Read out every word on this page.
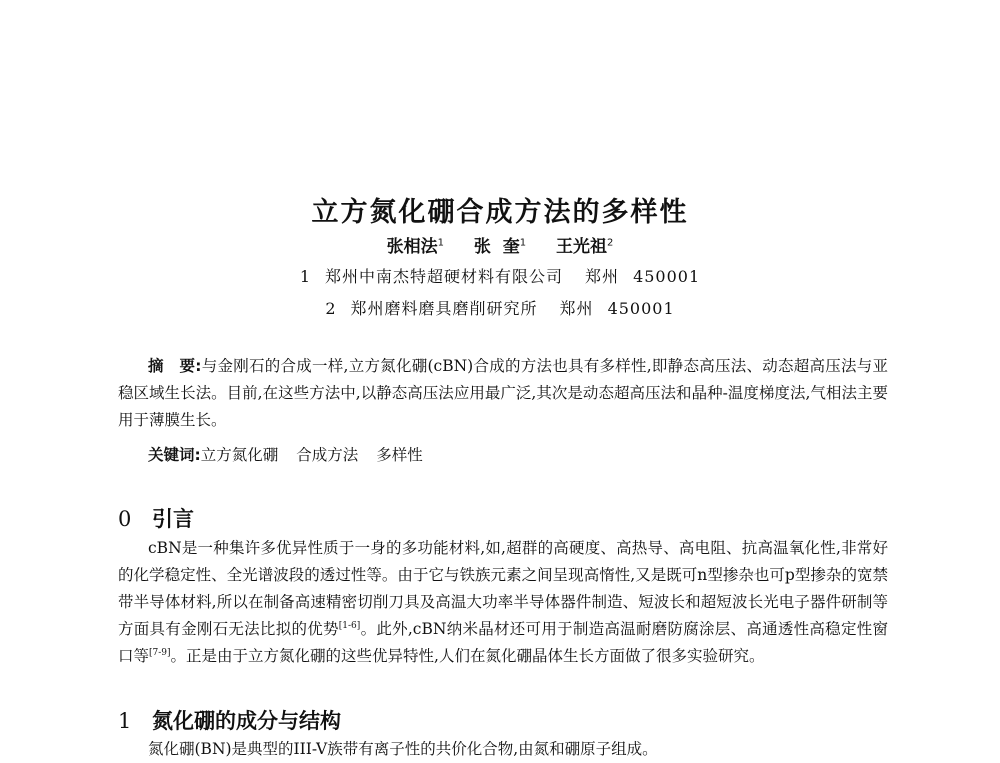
立方氮化硼合成方法的多样性
张相法$^1$ 张  奎$^1$ 王光祖$^2$
1 郑州中南杰特超硬材料有限公司 郑州 450001
2 郑州磨料磨具磨削研究所 郑州 450001
摘　要:与金刚石的合成一样,立方氮化硼(cBN)合成的方法也具有多样性,即静态高压法、动态超高压法与亚稳区域生长法。目前,在这些方法中,以静态高压法应用最广泛,其次是动态超高压法和晶种-温度梯度法,气相法主要用于薄膜生长。
关键词:立方氮化硼 合成方法 多样性
0 引言
cBN是一种集许多优异性质于一身的多功能材料,如,超群的高硬度、高热导、高电阻、抗高温氧化性,非常好的化学稳定性、全光谱波段的透过性等。由于它与铁族元素之间呈现高惰性,又是既可n型掺杂也可p型掺杂的宽禁带半导体材料,所以在制备高速精密切削刀具及高温大功率半导体器件制造、短波长和超短波长光电子器件研制等方面具有金刚石无法比拟的优势[1-6]。此外,cBN纳米晶材还可用于制造高温耐磨防腐涂层、高通透性高稳定性窗口等[7-9]。正是由于立方氮化硼的这些优异特性,人们在氮化硼晶体生长方面做了很多实验研究。
1 氮化硼的成分与结构
氮化硼(BN)是典型的III-V族带有离子性的共价化合物,由氮和硼原子组成。
